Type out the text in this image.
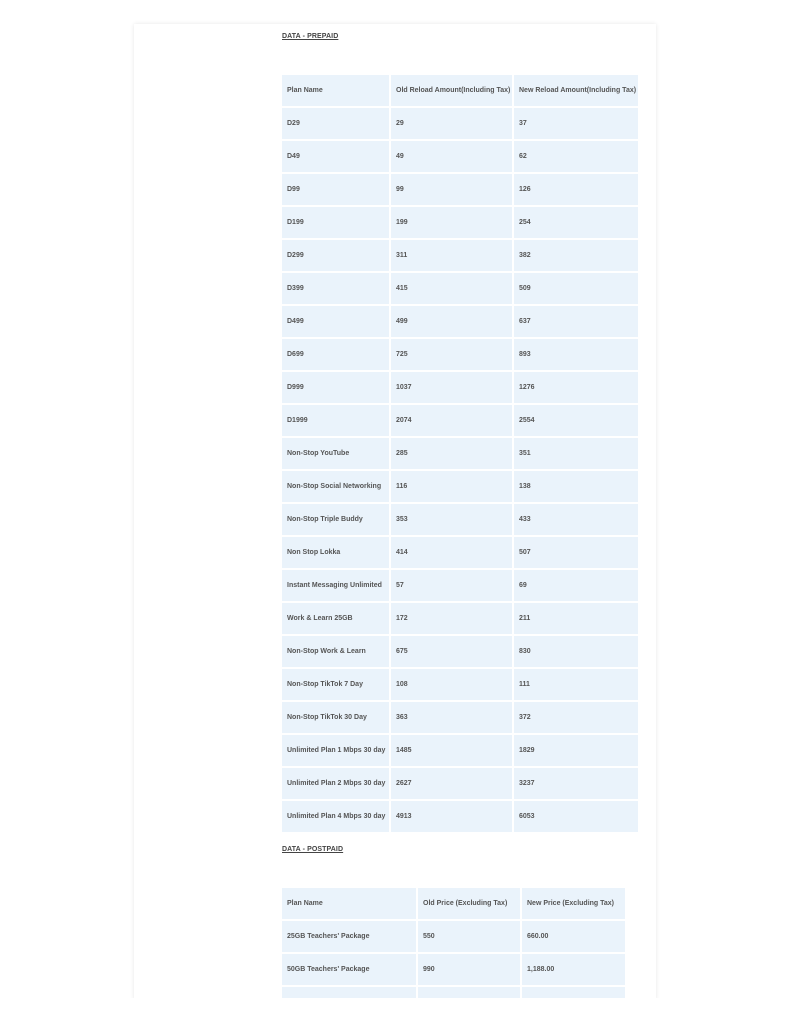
DATA - PREPAID
Plan Name	Old Reload Amount(Including Tax)	New Reload Amount(Including Tax)
D29	29	37
D49	49	62
D99	99	126
D199	199	254
D299	311	382
D399	415	509
D499	499	637
D699	725	893
D999	1037	1276
D1999	2074	2554
Non-Stop YouTube	285	351
Non-Stop Social Networking	116	138
Non-Stop Triple Buddy	353	433
Non Stop Lokka	414	507
Instant Messaging Unlimited	57	69
Work & Learn 25GB	172	211
Non-Stop Work & Learn	675	830
Non-Stop TikTok 7 Day	108	111
Non-Stop TikTok 30 Day	363	372
Unlimited Plan 1 Mbps 30 day	1485	1829
Unlimited Plan 2 Mbps 30 day	2627	3237
Unlimited Plan 4 Mbps 30 day	4913	6053
DATA - POSTPAID
Plan Name	Old Price (Excluding Tax)	New Price (Excluding Tax)
25GB Teachers' Package	550	660.00
50GB Teachers' Package	990	1,188.00
